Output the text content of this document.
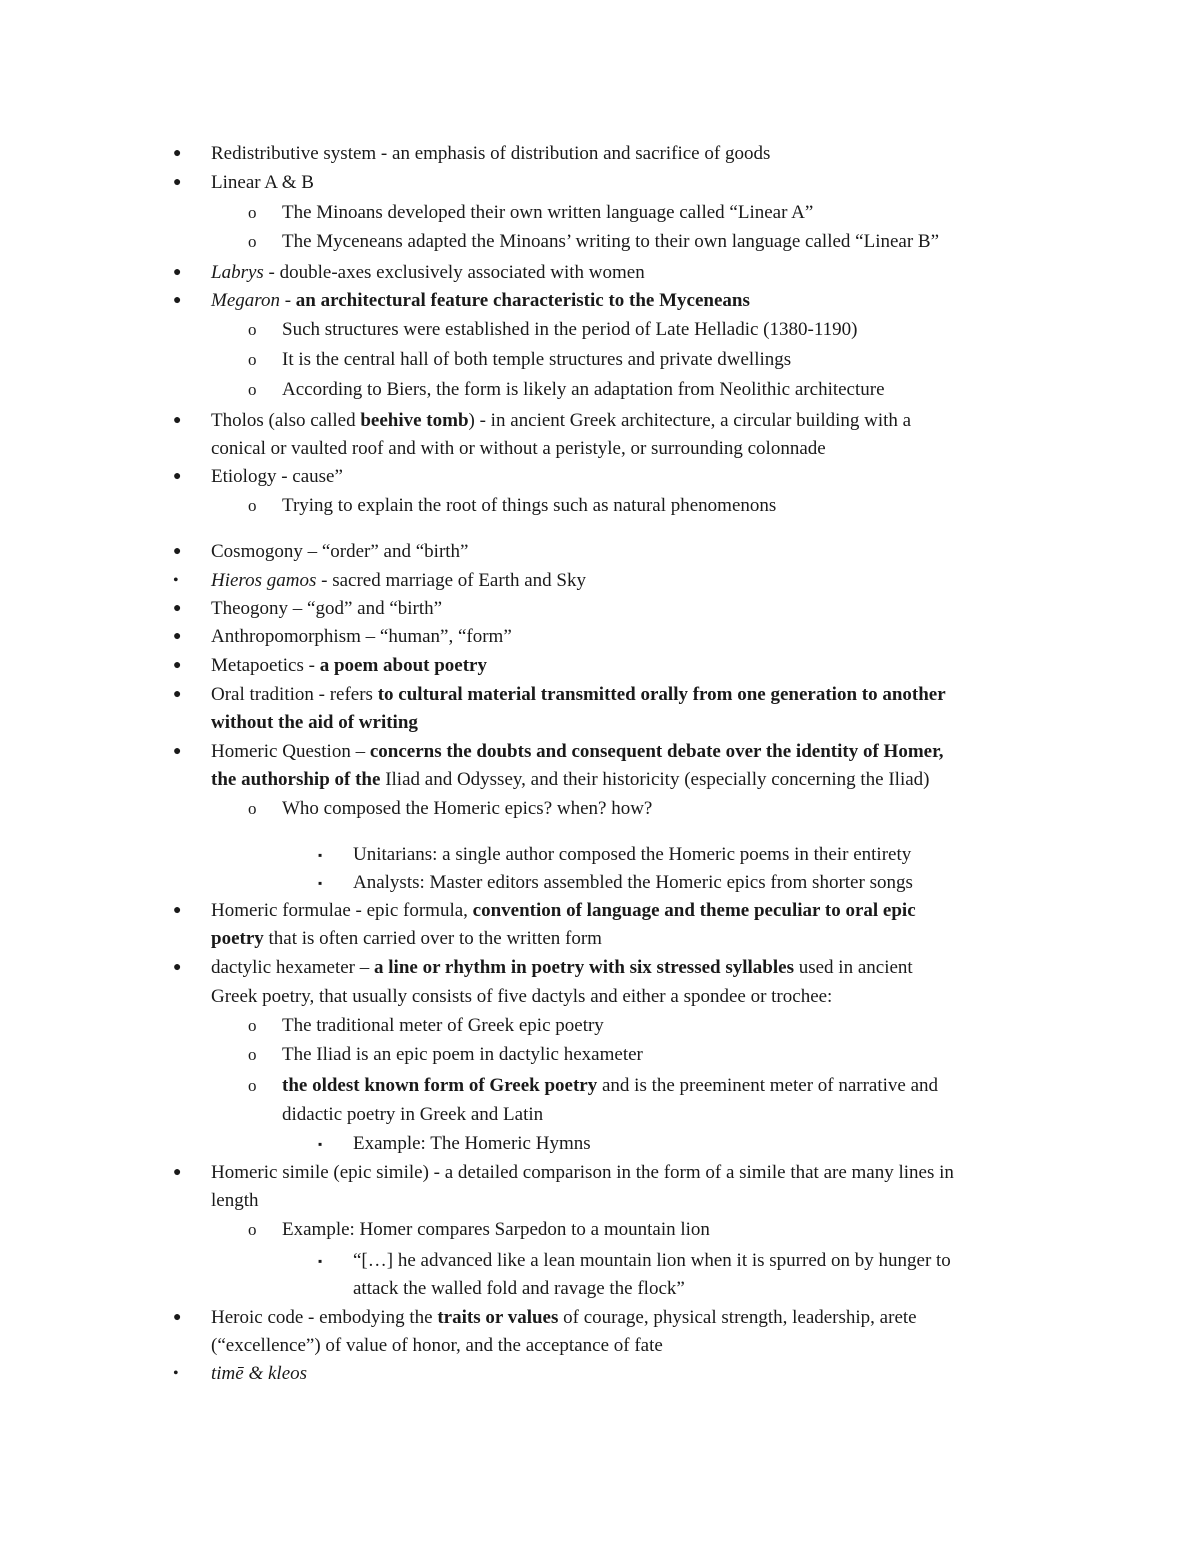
● Redistributive system - an emphasis of distribution and sacrifice of goods
● Linear A & B
o The Minoans developed their own written language called “Linear A”
o The Myceneans adapted the Minoans’ writing to their own language called “Linear B”
● Labrys - double-axes exclusively associated with women
● Megaron - an architectural feature characteristic to the Myceneans
o Such structures were established in the period of Late Helladic (1380-1190)
o It is the central hall of both temple structures and private dwellings
o According to Biers, the form is likely an adaptation from Neolithic architecture
● Tholos (also called beehive tomb) - in ancient Greek architecture, a circular building with a
conical or vaulted roof and with or without a peristyle, or surrounding colonnade
● Etiology - cause”
o Trying to explain the root of things such as natural phenomenons
● Cosmogony – “order” and “birth”
• Hieros gamos - sacred marriage of Earth and Sky
● Theogony – “god” and “birth”
● Anthropomorphism – “human”, “form”
● Metapoetics - a poem about poetry
● Oral tradition - refers to cultural material transmitted orally from one generation to another
without the aid of writing
● Homeric Question – concerns the doubts and consequent debate over the identity of Homer,
the authorship of the Iliad and Odyssey, and their historicity (especially concerning the Iliad)
o Who composed the Homeric epics? when? how?
▪ Unitarians: a single author composed the Homeric poems in their entirety
▪ Analysts: Master editors assembled the Homeric epics from shorter songs
● Homeric formulae - epic formula, convention of language and theme peculiar to oral epic
poetry that is often carried over to the written form
● dactylic hexameter – a line or rhythm in poetry with six stressed syllables used in ancient
Greek poetry, that usually consists of five dactyls and either a spondee or trochee:
o The traditional meter of Greek epic poetry
o The Iliad is an epic poem in dactylic hexameter
o the oldest known form of Greek poetry and is the preeminent meter of narrative and
didactic poetry in Greek and Latin
▪ Example: The Homeric Hymns
● Homeric simile (epic simile) - a detailed comparison in the form of a simile that are many lines in
length
o Example: Homer compares Sarpedon to a mountain lion
▪ “[…] he advanced like a lean mountain lion when it is spurred on by hunger to
attack the walled fold and ravage the flock”
● Heroic code - embodying the traits or values of courage, physical strength, leadership, arete
(“excellence”) of value of honor, and the acceptance of fate
• timē & kleos
